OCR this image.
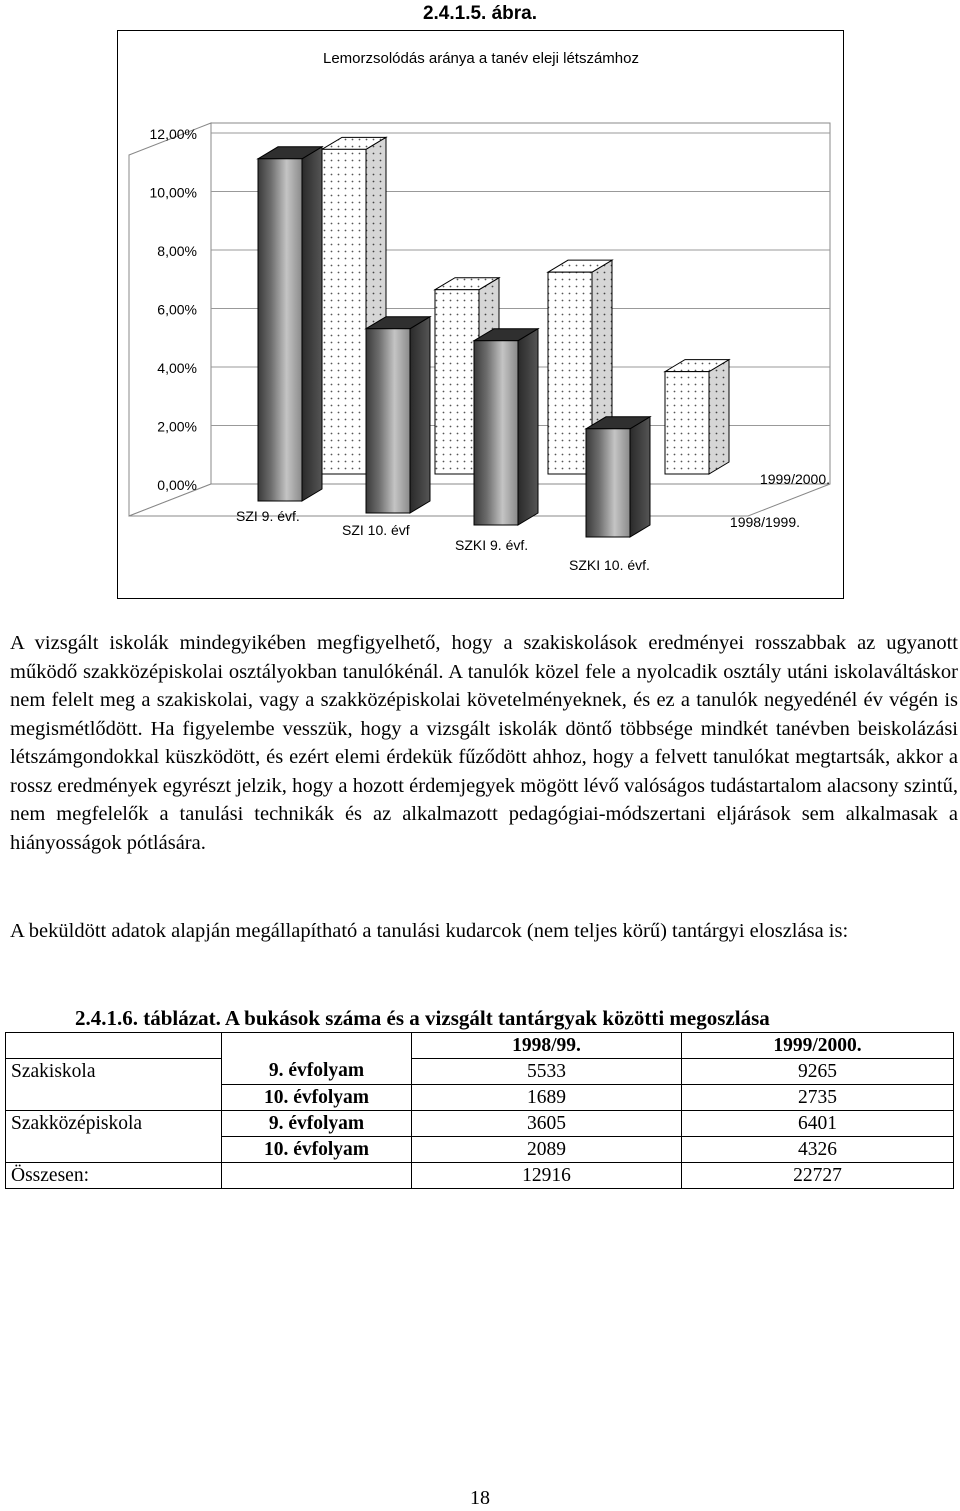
2.4.1.5. ábra.
Lemorzsolódás aránya a tanév eleji létszámhoz
0,00%
2,00%
4,00%
6,00%
8,00%
10,00%
12,00%
SZI 9. évf.
SZI 10. évf
SZKI 9. évf.
SZKI 10. évf.
1999/2000.
1998/1999.

A vizsgált iskolák mindegyikében megfigyelhető, hogy a szakiskolások eredményei rosszabbak az ugyanott működő szakközépiskolai osztályokban tanulókénál. A tanulók közel fele a nyolcadik osztály utáni iskolaváltáskor nem felelt meg a szakiskolai, vagy a szakközépiskolai követelményeknek, és ez a tanulók negyedénél év végén is megismétlődött. Ha figyelembe vesszük, hogy a vizsgált iskolák döntő többsége mindkét tanévben beiskolázási létszámgondokkal küszködött, és ezért elemi érdekük fűződött ahhoz, hogy a felvett tanulókat megtartsák, akkor a rossz eredmények egyrészt jelzik, hogy a hozott érdemjegyek mögött lévő valóságos tudástartalom alacsony szintű, nem megfelelők a tanulási technikák és az alkalmazott pedagógiai-módszertani eljárások sem alkalmasak a hiányosságok pótlására.

A beküldött adatok alapján megállapítható a tanulási kudarcok (nem teljes körű) tantárgyi eloszlása is:

2.4.1.6. táblázat. A bukások száma és a vizsgált tantárgyak közötti megoszlása
		1998/99.	1999/2000.
Szakiskola	9. évfolyam	5533	9265
	10. évfolyam	1689	2735
Szakközépiskola	9. évfolyam	3605	6401
	10. évfolyam	2089	4326
Összesen:		12916	22727
18
